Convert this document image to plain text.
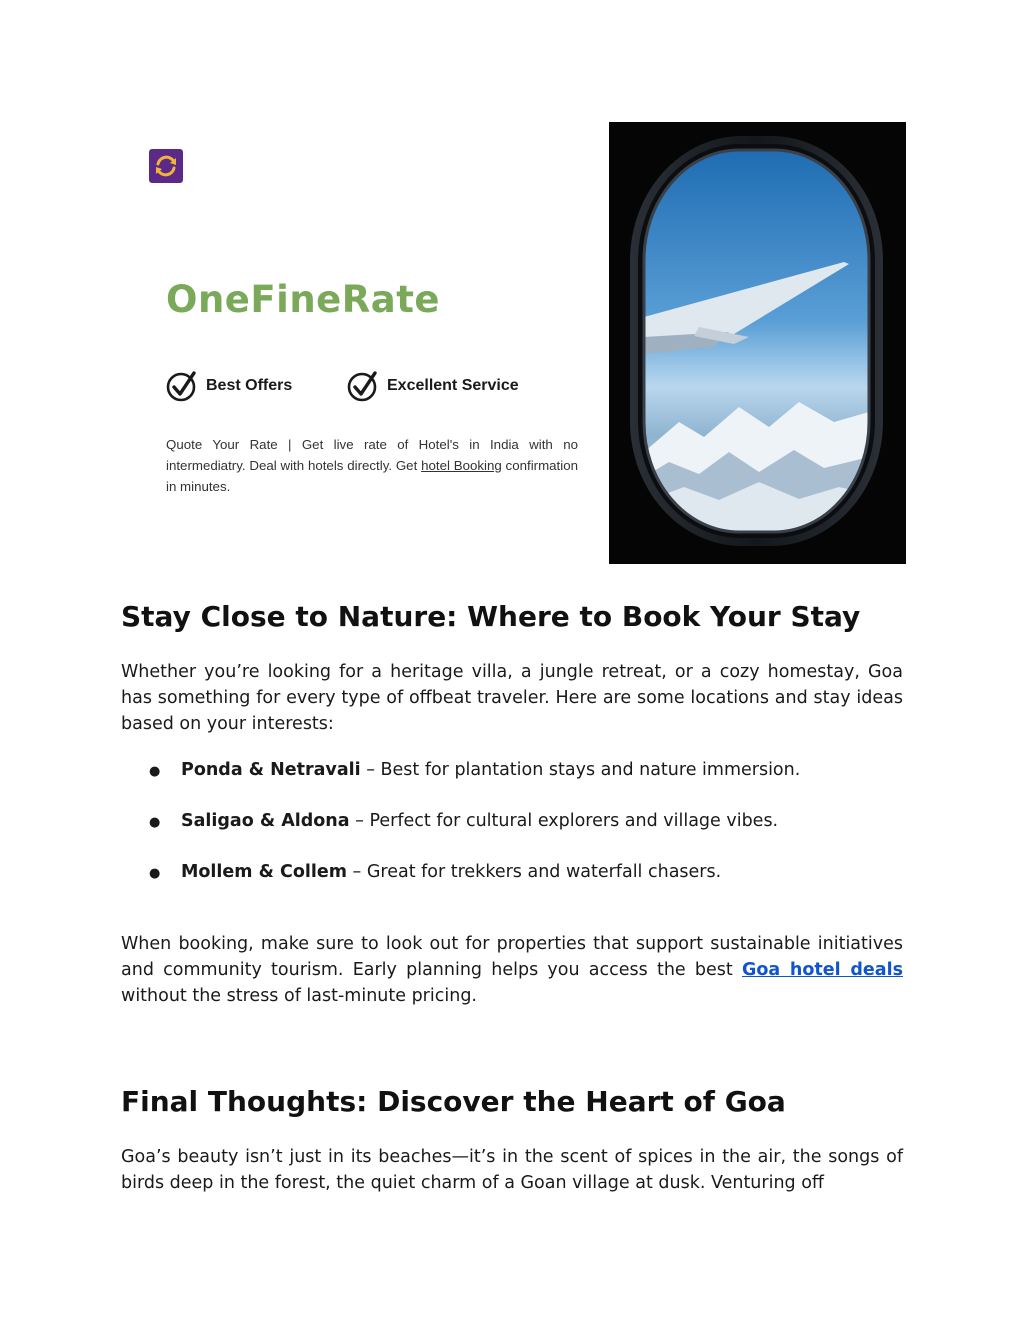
OneFineRate
Best Offers	Excellent Service
Quote Your Rate | Get live rate of Hotel's in India with no intermediatry. Deal with hotels directly. Get hotel Booking confirmation in minutes.
Stay Close to Nature: Where to Book Your Stay

Whether you’re looking for a heritage villa, a jungle retreat, or a cozy homestay, Goa has something for every type of offbeat traveler. Here are some locations and stay ideas based on your interests:

● Ponda & Netravali – Best for plantation stays and nature immersion.
● Saligao & Aldona – Perfect for cultural explorers and village vibes.
● Mollem & Collem – Great for trekkers and waterfall chasers.

When booking, make sure to look out for properties that support sustainable initiatives and community tourism. Early planning helps you access the best Goa hotel deals without the stress of last-minute pricing.

Final Thoughts: Discover the Heart of Goa

Goa’s beauty isn’t just in its beaches—it’s in the scent of spices in the air, the songs of birds deep in the forest, the quiet charm of a Goan village at dusk. Venturing off
